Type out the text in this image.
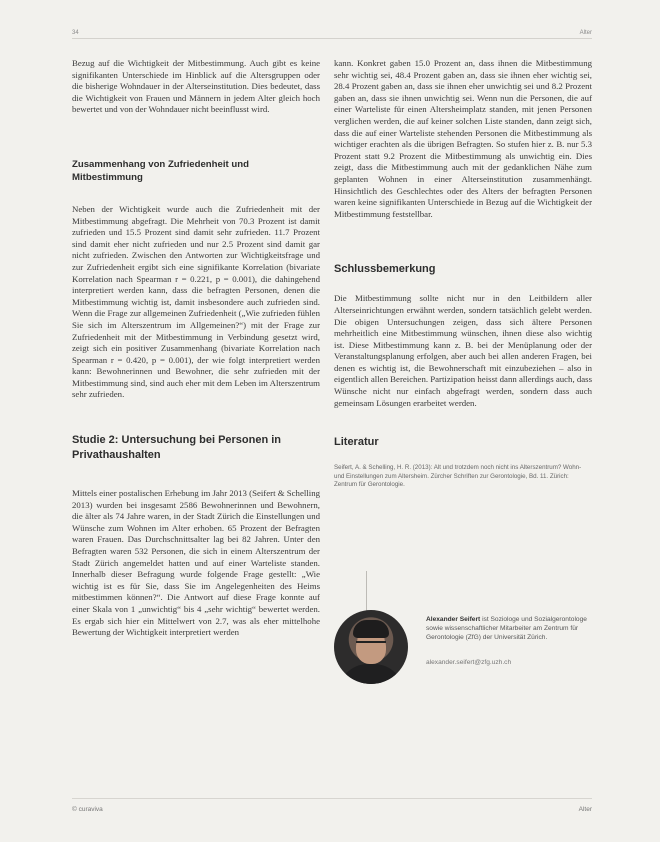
34	Alter

Bezug auf die Wichtigkeit der Mitbestimmung. Auch gibt es keine signifikanten Unterschiede im Hinblick auf die Altersgruppen oder die bisherige Wohndauer in der Alterseinstitution. Dies bedeutet, dass die Wichtigkeit von Frauen und Männern in jedem Alter gleich hoch bewertet und von der Wohndauer nicht beeinflusst wird.

Zusammenhang von Zufriedenheit und Mitbestimmung

Neben der Wichtigkeit wurde auch die Zufriedenheit mit der Mitbestimmung abgefragt. Die Mehrheit von 70.3 Prozent ist damit zufrieden und 15.5 Prozent sind damit sehr zufrieden. 11.7 Prozent sind damit eher nicht zufrieden und nur 2.5 Prozent sind damit gar nicht zufrieden. Zwischen den Antworten zur Wichtigkeitsfrage und zur Zufriedenheit ergibt sich eine signifikante Korrelation (bivariate Korrelation nach Spearman r = 0.221, p = 0.001), die dahingehend interpretiert werden kann, dass die befragten Personen, denen die Mitbestimmung wichtig ist, damit insbesondere auch zufrieden sind. Wenn die Frage zur allgemeinen Zufriedenheit („Wie zufrieden fühlen Sie sich im Alterszentrum im Allgemeinen?“) mit der Frage zur Zufriedenheit mit der Mitbestimmung in Verbindung gesetzt wird, zeigt sich ein positiver Zusammenhang (bivariate Korrelation nach Spearman r = 0.420, p = 0.001), der wie folgt interpretiert werden kann: Bewohnerinnen und Bewohner, die sehr zufrieden mit der Mitbestimmung sind, sind auch eher mit dem Leben im Alterszentrum sehr zufrieden.

Studie 2: Untersuchung bei Personen in Privathaushalten

Mittels einer postalischen Erhebung im Jahr 2013 (Seifert & Schelling 2013) wurden bei insgesamt 2586 Bewohnerinnen und Bewohnern, die älter als 74 Jahre waren, in der Stadt Zürich die Einstellungen und Wünsche zum Wohnen im Alter erhoben. 65 Prozent der Befragten waren Frauen. Das Durchschnittsalter lag bei 82 Jahren. Unter den Befragten waren 532 Personen, die sich in einem Alterszentrum der Stadt Zürich angemeldet hatten und auf einer Warteliste standen. Innerhalb dieser Befragung wurde folgende Frage gestellt: „Wie wichtig ist es für Sie, dass Sie im Angelegenheiten des Heims mitbestimmen können?“. Die Antwort auf diese Frage konnte auf einer Skala von 1 „unwichtig“ bis 4 „sehr wichtig“ bewertet werden. Es ergab sich hier ein Mittelwert von 2.7, was als eher mittelhohe Bewertung der Wichtigkeit interpretiert werden

kann. Konkret gaben 15.0 Prozent an, dass ihnen die Mitbestimmung sehr wichtig sei, 48.4 Prozent gaben an, dass sie ihnen eher wichtig sei, 28.4 Prozent gaben an, dass sie ihnen eher unwichtig sei und 8.2 Prozent gaben an, dass sie ihnen unwichtig sei. Wenn nun die Personen, die auf einer Warteliste für einen Altersheimplatz standen, mit jenen Personen verglichen werden, die auf keiner solchen Liste standen, dann zeigt sich, dass die auf einer Warteliste stehenden Personen die Mitbestimmung als wichtiger erachten als die übrigen Befragten. So stufen hier z. B. nur 5.3 Prozent statt 9.2 Prozent die Mitbestimmung als unwichtig ein. Dies zeigt, dass die Mitbestimmung auch mit der gedanklichen Nähe zum geplanten Wohnen in einer Alterseinstitution zusammenhängt. Hinsichtlich des Geschlechtes oder des Alters der befragten Personen waren keine signifikanten Unterschiede in Bezug auf die Wichtigkeit der Mitbestimmung feststellbar.

Schlussbemerkung

Die Mitbestimmung sollte nicht nur in den Leitbildern aller Alterseinrichtungen erwähnt werden, sondern tatsächlich gelebt werden. Die obigen Untersuchungen zeigen, dass sich ältere Personen mehrheitlich eine Mitbestimmung wünschen, ihnen diese also wichtig ist. Diese Mitbestimmung kann z. B. bei der Menüplanung oder der Veranstaltungsplanung erfolgen, aber auch bei allen anderen Fragen, bei denen es wichtig ist, die Bewohnerschaft mit einzubeziehen – also in eigentlich allen Bereichen. Partizipation heisst dann allerdings auch, dass Wünsche nicht nur einfach abgefragt werden, sondern dass auch gemeinsam Lösungen erarbeitet werden.

Literatur

Seifert, A. & Schelling, H. R. (2013): Alt und trotzdem noch nicht ins Alterszentrum? Wohn- und Einstellungen zum Altersheim. Zürcher Schriften zur Gerontologie, Bd. 11. Zürich: Zentrum für Gerontologie.

Alexander Seifert ist Soziologe und Sozialgerontologe sowie wissenschaftlicher Mitarbeiter am Zentrum für Gerontologie (ZfG) der Universität Zürich.

alexander.seifert@zfg.uzh.ch

© curaviva	Alter
